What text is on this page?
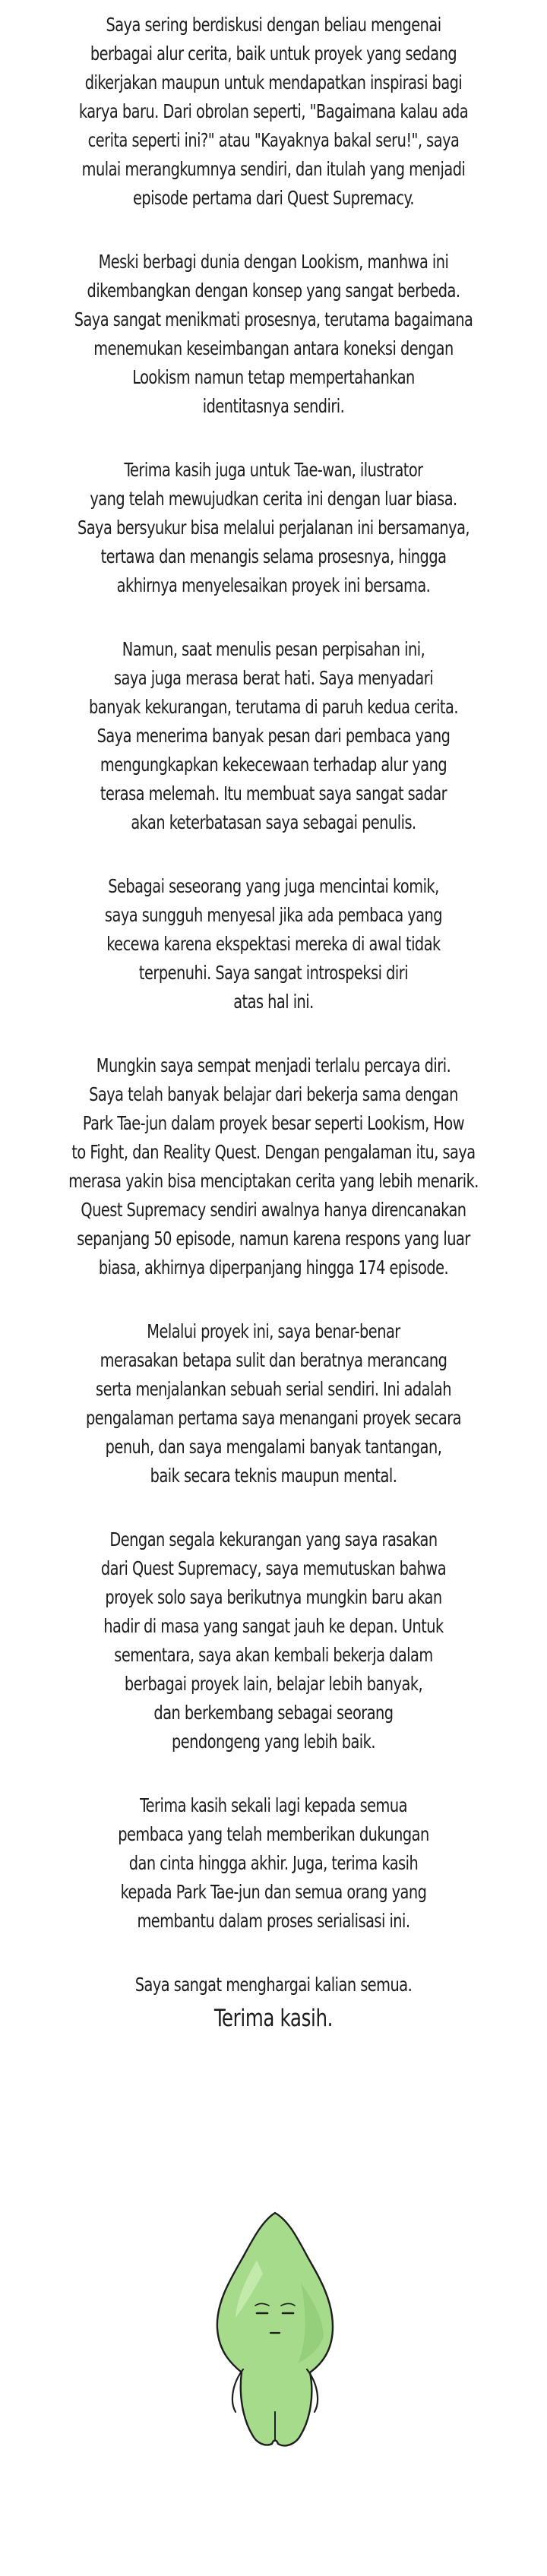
Saya sering berdiskusi dengan beliau mengenai
berbagai alur cerita, baik untuk proyek yang sedang
dikerjakan maupun untuk mendapatkan inspirasi bagi
karya baru. Dari obrolan seperti, "Bagaimana kalau ada
cerita seperti ini?" atau "Kayaknya bakal seru!", saya
mulai merangkumnya sendiri, dan itulah yang menjadi
episode pertama dari Quest Supremacy.

Meski berbagi dunia dengan Lookism, manhwa ini
dikembangkan dengan konsep yang sangat berbeda.
Saya sangat menikmati prosesnya, terutama bagaimana
menemukan keseimbangan antara koneksi dengan
Lookism namun tetap mempertahankan
identitasnya sendiri.

Terima kasih juga untuk Tae-wan, ilustrator
yang telah mewujudkan cerita ini dengan luar biasa.
Saya bersyukur bisa melalui perjalanan ini bersamanya,
tertawa dan menangis selama prosesnya, hingga
akhirnya menyelesaikan proyek ini bersama.

Namun, saat menulis pesan perpisahan ini,
saya juga merasa berat hati. Saya menyadari
banyak kekurangan, terutama di paruh kedua cerita.
Saya menerima banyak pesan dari pembaca yang
mengungkapkan kekecewaan terhadap alur yang
terasa melemah. Itu membuat saya sangat sadar
akan keterbatasan saya sebagai penulis.

Sebagai seseorang yang juga mencintai komik,
saya sungguh menyesal jika ada pembaca yang
kecewa karena ekspektasi mereka di awal tidak
terpenuhi. Saya sangat introspeksi diri
atas hal ini.

Mungkin saya sempat menjadi terlalu percaya diri.
Saya telah banyak belajar dari bekerja sama dengan
Park Tae-jun dalam proyek besar seperti Lookism, How
to Fight, dan Reality Quest. Dengan pengalaman itu, saya
merasa yakin bisa menciptakan cerita yang lebih menarik.
Quest Supremacy sendiri awalnya hanya direncanakan
sepanjang 50 episode, namun karena respons yang luar
biasa, akhirnya diperpanjang hingga 174 episode.

Melalui proyek ini, saya benar-benar
merasakan betapa sulit dan beratnya merancang
serta menjalankan sebuah serial sendiri. Ini adalah
pengalaman pertama saya menangani proyek secara
penuh, dan saya mengalami banyak tantangan,
baik secara teknis maupun mental.

Dengan segala kekurangan yang saya rasakan
dari Quest Supremacy, saya memutuskan bahwa
proyek solo saya berikutnya mungkin baru akan
hadir di masa yang sangat jauh ke depan. Untuk
sementara, saya akan kembali bekerja dalam
berbagai proyek lain, belajar lebih banyak,
dan berkembang sebagai seorang
pendongeng yang lebih baik.

Terima kasih sekali lagi kepada semua
pembaca yang telah memberikan dukungan
dan cinta hingga akhir. Juga, terima kasih
kepada Park Tae-jun dan semua orang yang
membantu dalam proses serialisasi ini.

Saya sangat menghargai kalian semua.
Terima kasih.
